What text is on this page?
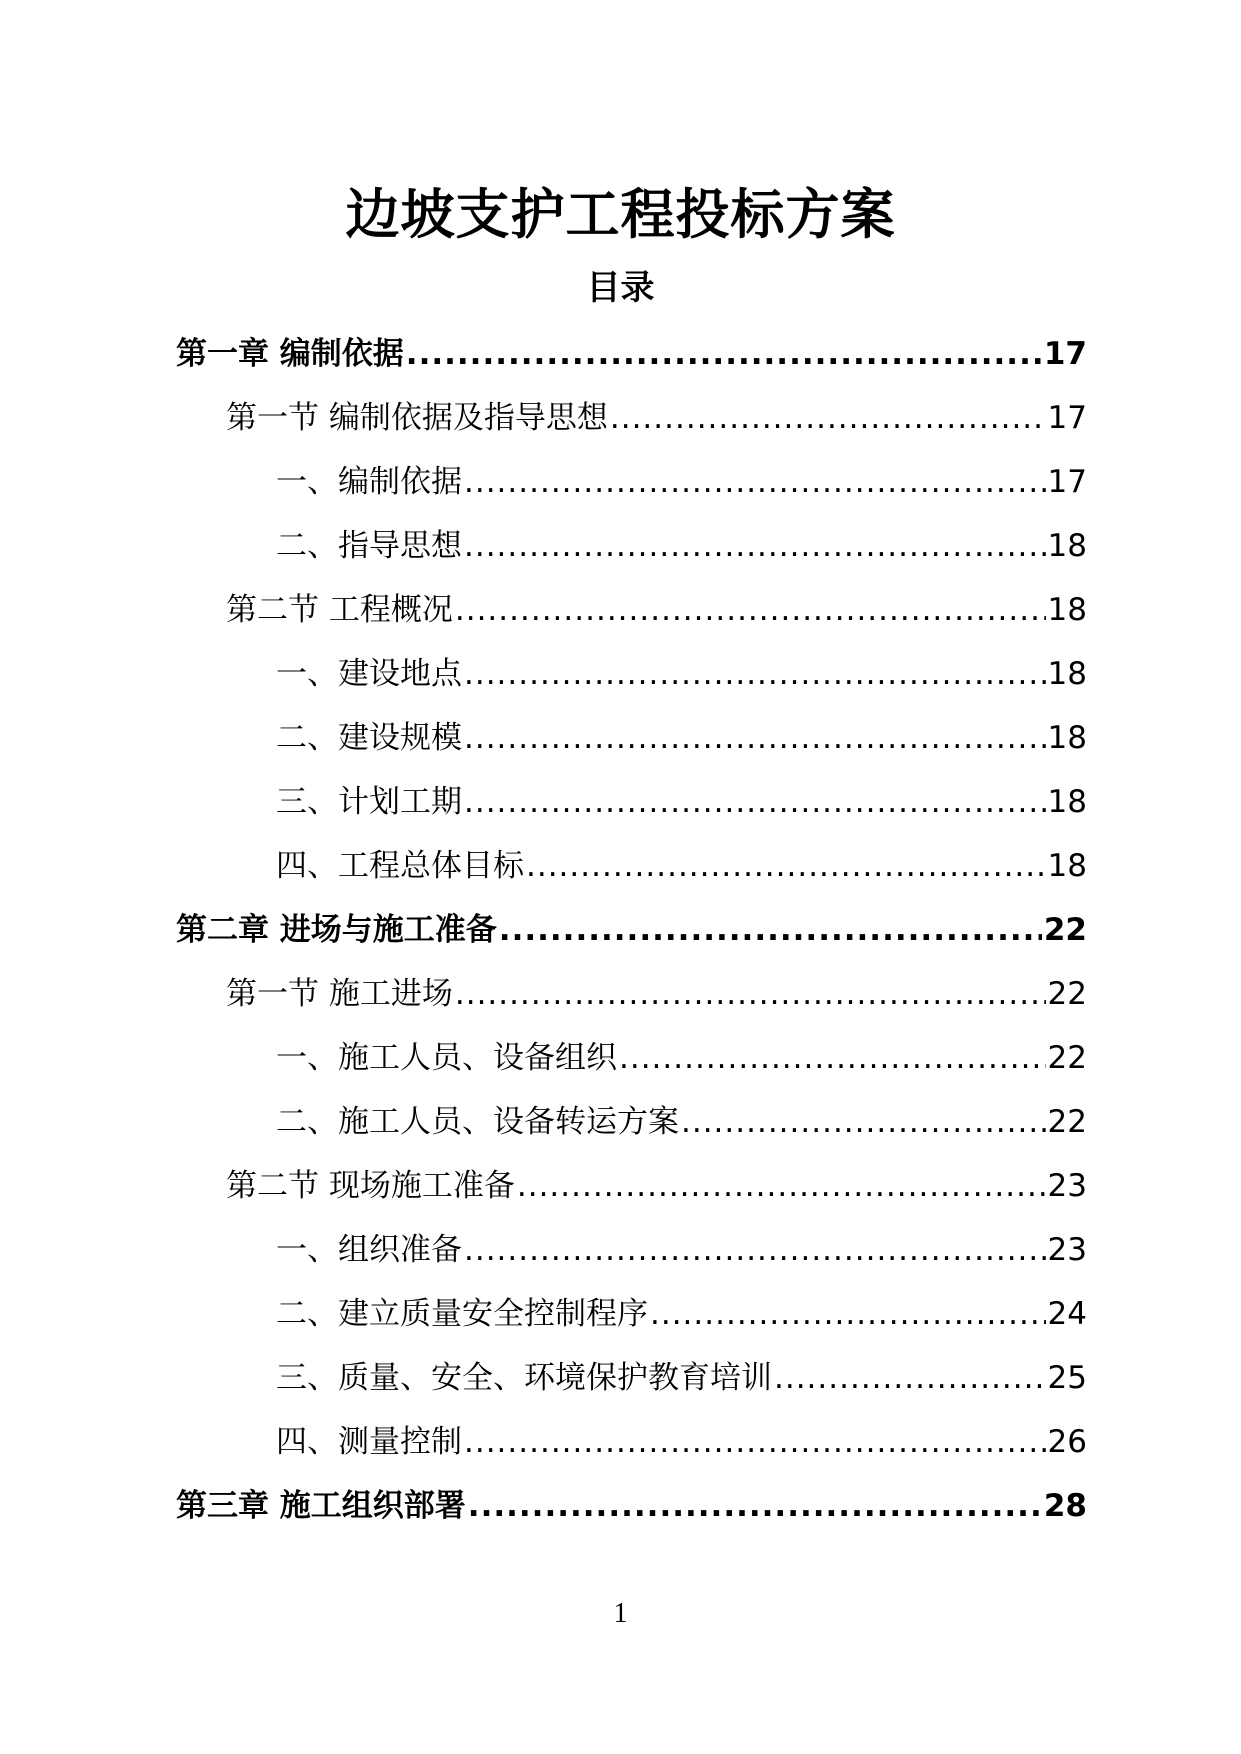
边坡支护工程投标方案
目录
第一章 编制依据 .....	17
第一节 编制依据及指导思想 .....	17
一、编制依据 .....	17
二、指导思想 .....	18
第二节 工程概况 .....	18
一、建设地点 .....	18
二、建设规模 .....	18
三、计划工期 .....	18
四、工程总体目标 .....	18
第二章 进场与施工准备 .....	22
第一节 施工进场 .....	22
一、施工人员、设备组织 .....	22
二、施工人员、设备转运方案 .....	22
第二节 现场施工准备 .....	23
一、组织准备 .....	23
二、建立质量安全控制程序 .....	24
三、质量、安全、环境保护教育培训 .....	25
四、测量控制 .....	26
第三章 施工组织部署 .....	28
1
